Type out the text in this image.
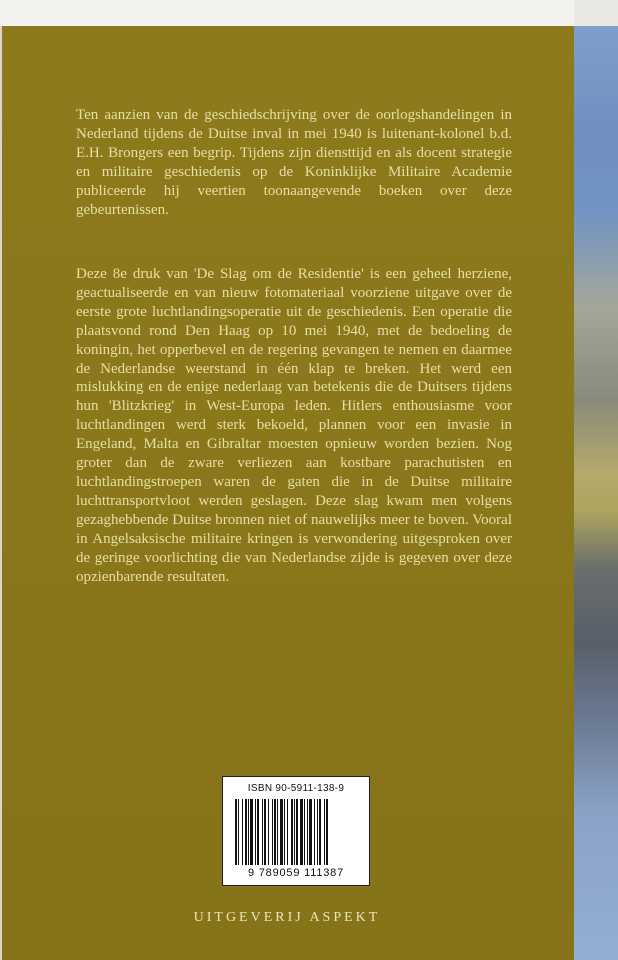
Ten aanzien van de geschiedschrijving over de oorlogshandelingen in Nederland tijdens de Duitse inval in mei 1940 is luitenant-kolonel b.d. E.H. Brongers een begrip. Tijdens zijn diensttijd en als docent strategie en militaire geschiedenis op de Koninklijke Militaire Academie publiceerde hij veertien toonaangevende boeken over deze gebeurtenissen.

Deze 8e druk van 'De Slag om de Residentie' is een geheel herziene, geactualiseerde en van nieuw fotomateriaal voorziene uitgave over de eerste grote luchtlandingsoperatie uit de geschiedenis. Een operatie die plaatsvond rond Den Haag op 10 mei 1940, met de bedoeling de koningin, het opperbevel en de regering gevangen te nemen en daarmee de Nederlandse weerstand in één klap te breken. Het werd een mislukking en de enige nederlaag van betekenis die de Duitsers tijdens hun 'Blitzkrieg' in West-Europa leden. Hitlers enthousiasme voor luchtlandingen werd sterk bekoeld, plannen voor een invasie in Engeland, Malta en Gibraltar moesten opnieuw worden bezien. Nog groter dan de zware verliezen aan kostbare parachutisten en luchtlandingstroepen waren de gaten die in de Duitse militaire luchttransportvloot werden geslagen. Deze slag kwam men volgens gezaghebbende Duitse bronnen niet of nauwelijks meer te boven. Vooral in Angelsaksische militaire kringen is verwondering uitgesproken over de geringe voorlichting die van Nederlandse zijde is gegeven over deze opzienbarende resultaten.

ISBN 90-5911-138-9
9 789059 111387
UITGEVERIJ ASPEKT
